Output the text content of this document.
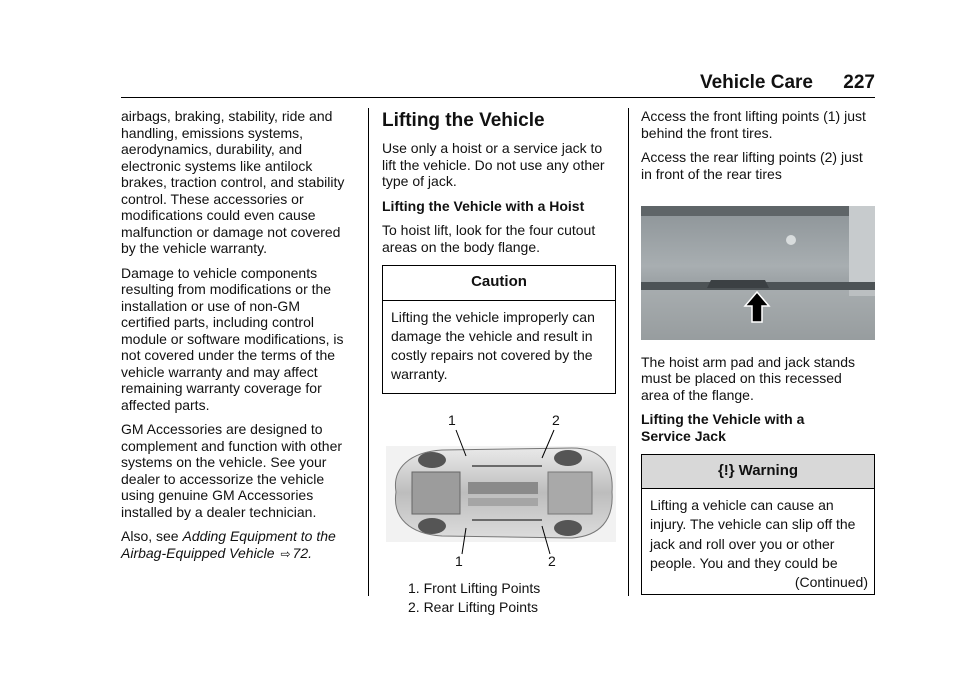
Vehicle Care 227

airbags, braking, stability, ride and
handling, emissions systems,
aerodynamics, durability, and
electronic systems like antilock
brakes, traction control, and stability
control. These accessories or
modifications could even cause
malfunction or damage not covered
by the vehicle warranty.

Damage to vehicle components
resulting from modifications or the
installation or use of non-GM
certified parts, including control
module or software modifications, is
not covered under the terms of the
vehicle warranty and may affect
remaining warranty coverage for
affected parts.

GM Accessories are designed to
complement and function with other
systems on the vehicle. See your
dealer to accessorize the vehicle
using genuine GM Accessories
installed by a dealer technician.

Also, see Adding Equipment to the
Airbag-Equipped Vehicle ⇨ 72.

Lifting the Vehicle

Use only a hoist or a service jack to
lift the vehicle. Do not use any other
type of jack.

Lifting the Vehicle with a Hoist

To hoist lift, look for the four cutout
areas on the body flange.

Caution
Lifting the vehicle improperly can
damage the vehicle and result in
costly repairs not covered by the
warranty.
1	2
1	2
1. Front Lifting Points
2. Rear Lifting Points

Access the front lifting points (1) just
behind the front tires.

Access the rear lifting points (2) just
in front of the rear tires

The hoist arm pad and jack stands
must be placed on this recessed
area of the flange.

Lifting the Vehicle with a
Service Jack

{!} Warning
Lifting a vehicle can cause an
injury. The vehicle can slip off the
jack and roll over you or other
people. You and they could be
(Continued)
